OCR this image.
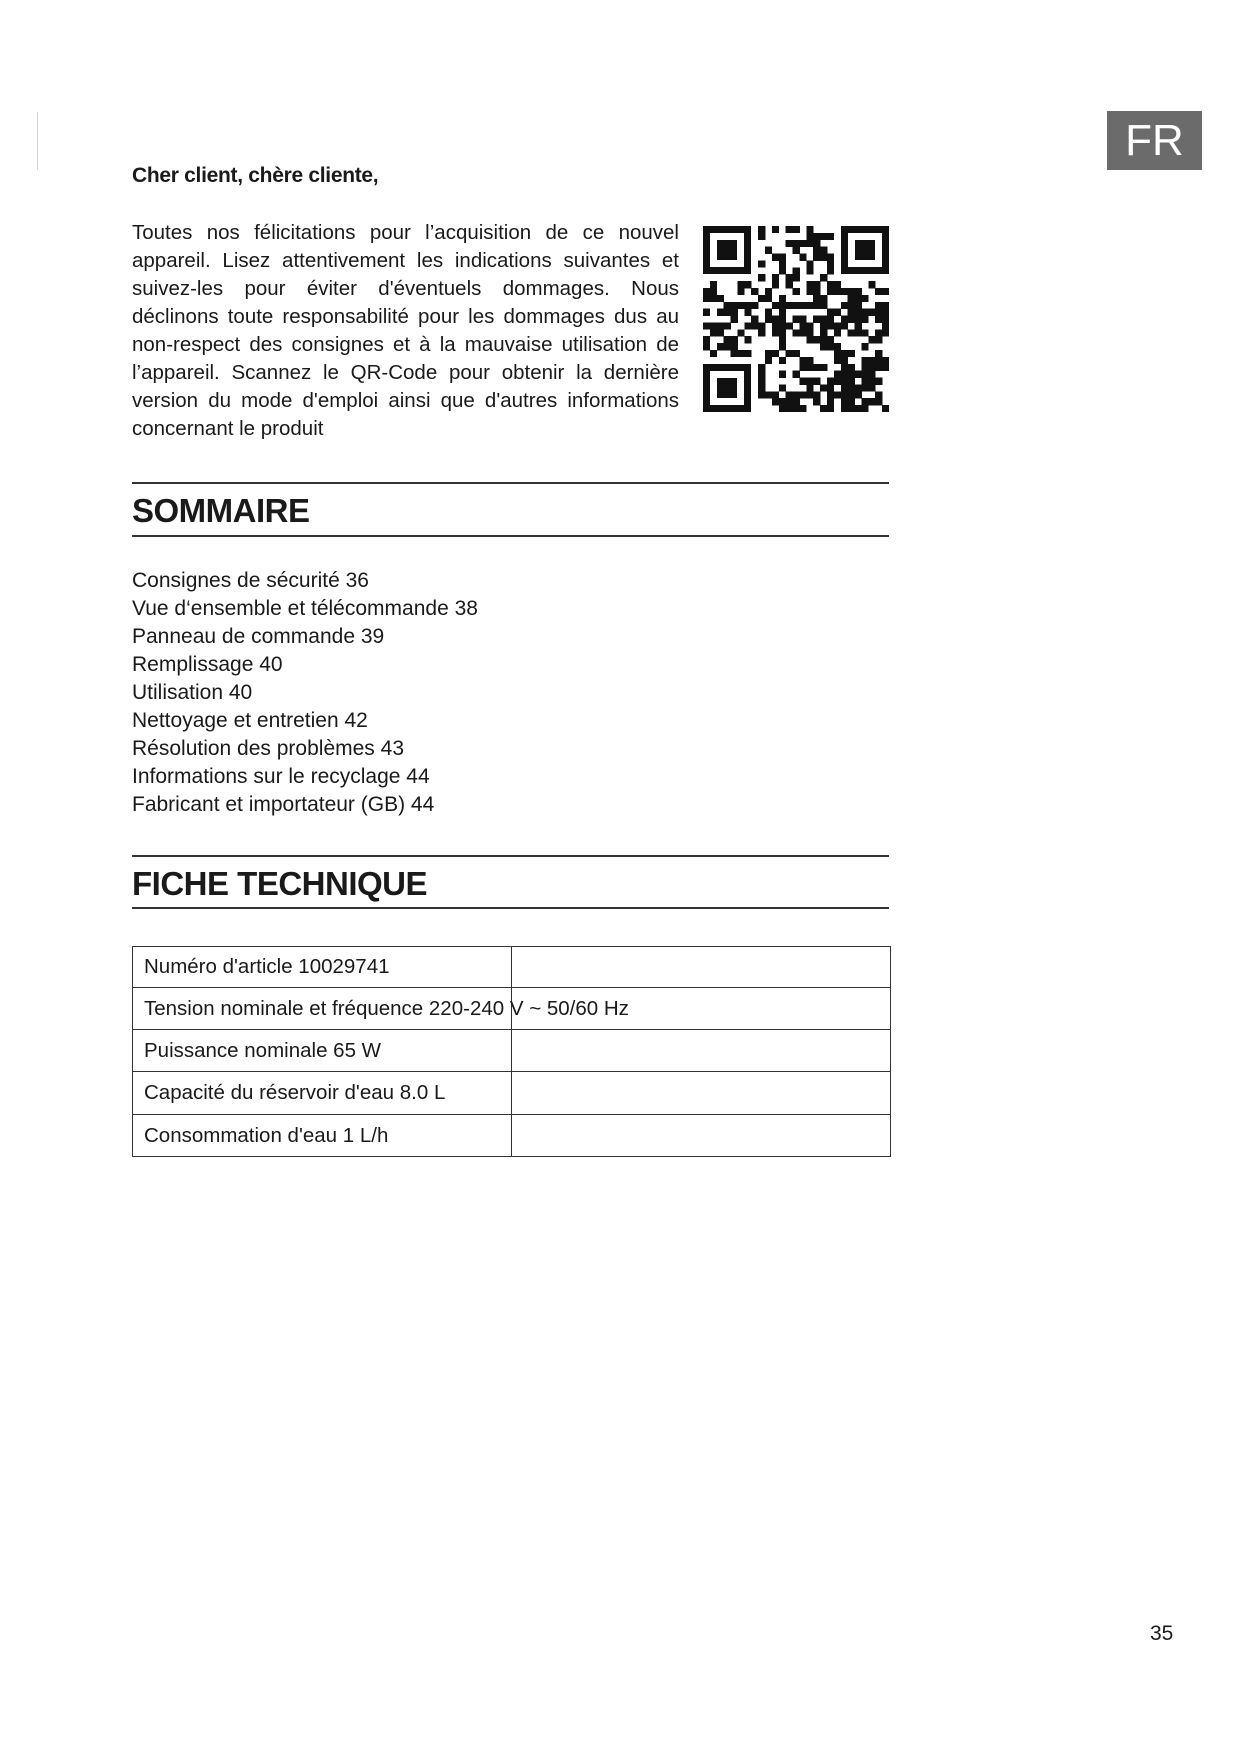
FR
Cher client, chère cliente,

Toutes nos félicitations pour l’acquisition de ce nouvel appareil. Lisez attentivement les indications suivantes et suivez-les pour éviter d'éventuels dommages. Nous déclinons toute responsabilité pour les dommages dus au non-respect des consignes et à la mauvaise utilisation de l’appareil. Scannez le QR-Code pour obtenir la dernière version du mode d'emploi ainsi que d'autres informations concernant le produit

SOMMAIRE
Consignes de sécurité 36
Vue d‘ensemble et télécommande 38
Panneau de commande 39
Remplissage 40
Utilisation 40
Nettoyage et entretien 42
Résolution des problèmes 43
Informations sur le recyclage 44
Fabricant et importateur (GB) 44
FICHE TECHNIQUE
Numéro d'article 10029741	
Tension nominale et fréquence 220-240 V ~ 50/60 Hz	
Puissance nominale 65 W	
Capacité du réservoir d'eau 8.0 L	
Consommation d'eau 1 L/h	
35
